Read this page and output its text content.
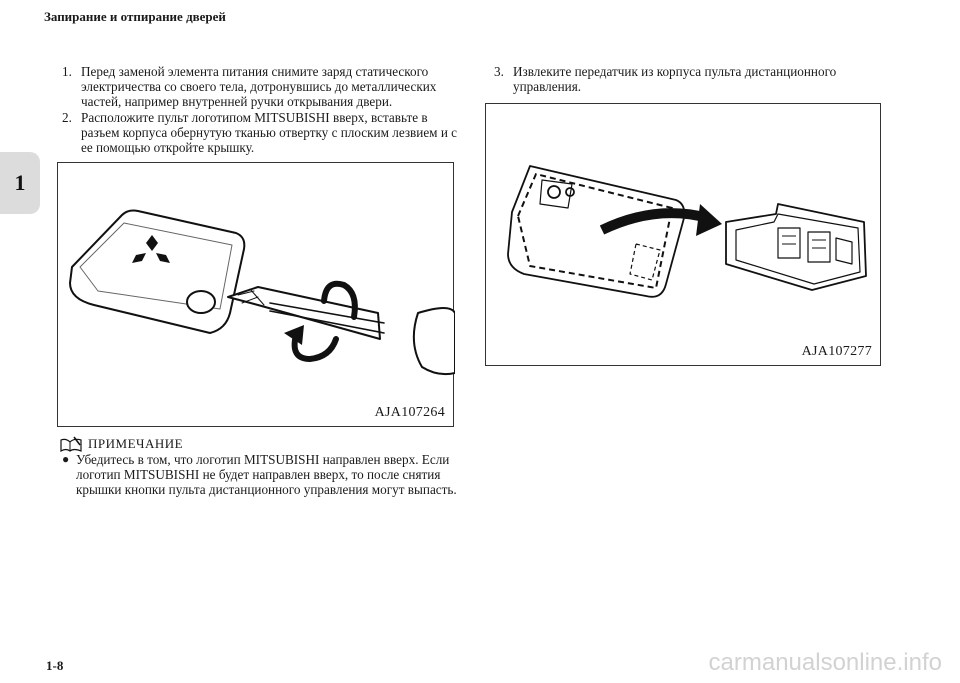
Запирание и отпирание дверей
1

1. Перед заменой элемента питания снимите заряд статического электричества со своего тела, дотронувшись до металлических частей, например внутренней ручки открывания двери.

2. Расположите пульт логотипом MITSUBISHI вверх, вставьте в разъем корпуса обернутую тканью отвертку с плоским лезвием и с ее помощью откройте крышку.

3. Извлеките передатчик из корпуса пульта дистанционного управления.

AJA107264
AJA107277
ПРИМЕЧАНИЕ
● Убедитесь в том, что логотип MITSUBISHI направлен вверх. Если логотип MITSUBISHI не будет направлен вверх, то после снятия крышки кнопки пульта дистанционного управления могут выпасть.
1-8	carmanualsonline.info
